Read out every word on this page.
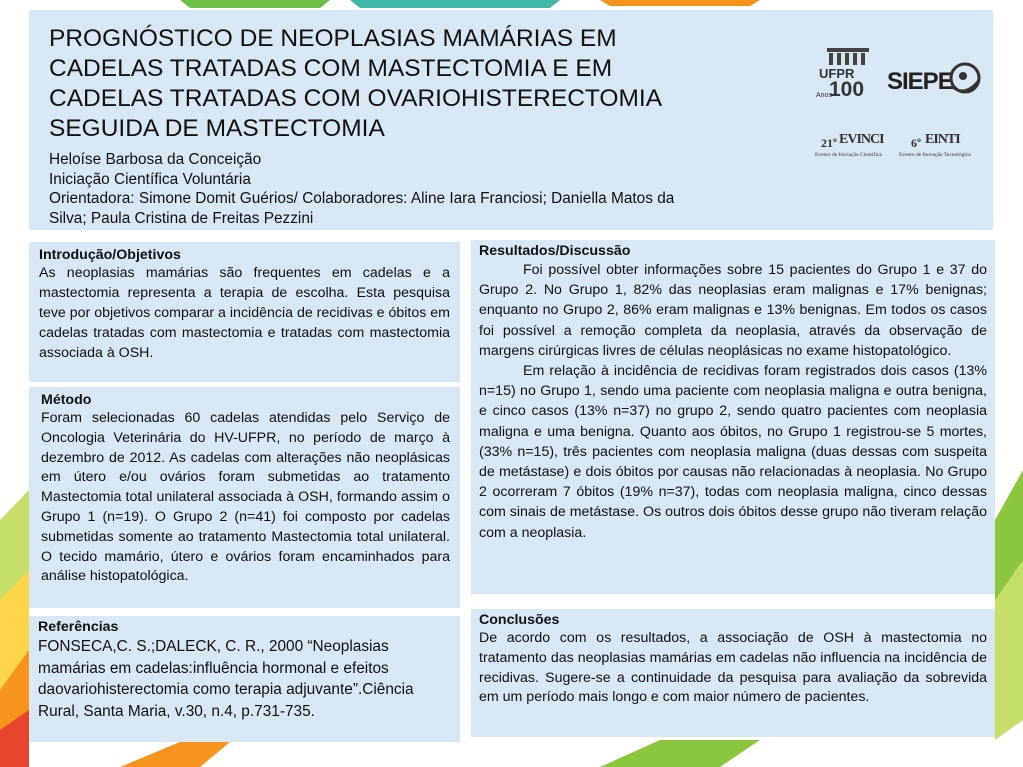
PROGNÓSTICO DE NEOPLASIAS MAMÁRIAS EM
CADELAS TRATADAS COM MASTECTOMIA E EM
CADELAS TRATADAS COM OVARIOHISTERECTOMIA
SEGUIDA DE MASTECTOMIA
Heloíse Barbosa da Conceição
Iniciação Científica Voluntária
Orientadora: Simone Domit Guérios/ Colaboradores: Aline Iara Franciosi; Daniella Matos da
Silva; Paula Cristina de Freitas Pezzini
UFPR
100
Anos
SIEPE
21º EVINCI
Evento de Iniciação Científica
6º EINTI
Evento de Inovação Tecnológica
Introdução/Objetivos
As neoplasias mamárias são frequentes em cadelas e a mastectomia representa a terapia de escolha. Esta pesquisa teve por objetivos comparar a incidência de recidivas e óbitos em cadelas tratadas com mastectomia e tratadas com mastectomia associada à OSH.
Método
Foram selecionadas 60 cadelas atendidas pelo Serviço de Oncologia Veterinária do HV-UFPR, no período de março à dezembro de 2012. As cadelas com alterações não neoplásicas em útero e/ou ovários foram submetidas ao tratamento Mastectomia total unilateral associada à OSH, formando assim o Grupo 1 (n=19). O Grupo 2 (n=41) foi composto por cadelas submetidas somente ao tratamento Mastectomia total unilateral. O tecido mamário, útero e ovários foram encaminhados para análise histopatológica.
Referências
FONSECA,C. S.;DALECK, C. R., 2000 “Neoplasias mamárias em cadelas:influência hormonal e efeitos daovariohisterectomia como terapia adjuvante”.Ciência Rural, Santa Maria, v.30, n.4, p.731-735.
Resultados/Discussão
Foi possível obter informações sobre 15 pacientes do Grupo 1 e 37 do Grupo 2. No Grupo 1, 82% das neoplasias eram malignas e 17% benignas; enquanto no Grupo 2, 86% eram malignas e 13% benignas. Em todos os casos foi possível a remoção completa da neoplasia, através da observação de margens cirúrgicas livres de células neoplásicas no exame histopatológico.
Em relação à incidência de recidivas foram registrados dois casos (13% n=15) no Grupo 1, sendo uma paciente com neoplasia maligna e outra benigna, e cinco casos (13% n=37) no grupo 2, sendo quatro pacientes com neoplasia maligna e uma benigna. Quanto aos óbitos, no Grupo 1 registrou-se 5 mortes, (33% n=15), três pacientes com neoplasia maligna (duas dessas com suspeita de metástase) e dois óbitos por causas não relacionadas à neoplasia. No Grupo 2 ocorreram 7 óbitos (19% n=37), todas com neoplasia maligna, cinco dessas com sinais de metástase. Os outros dois óbitos desse grupo não tiveram relação com a neoplasia.
Conclusões
De acordo com os resultados, a associação de OSH à mastectomia no tratamento das neoplasias mamárias em cadelas não influencia na incidência de recidivas. Sugere-se a continuidade da pesquisa para avaliação da sobrevida em um período mais longo e com maior número de pacientes.
